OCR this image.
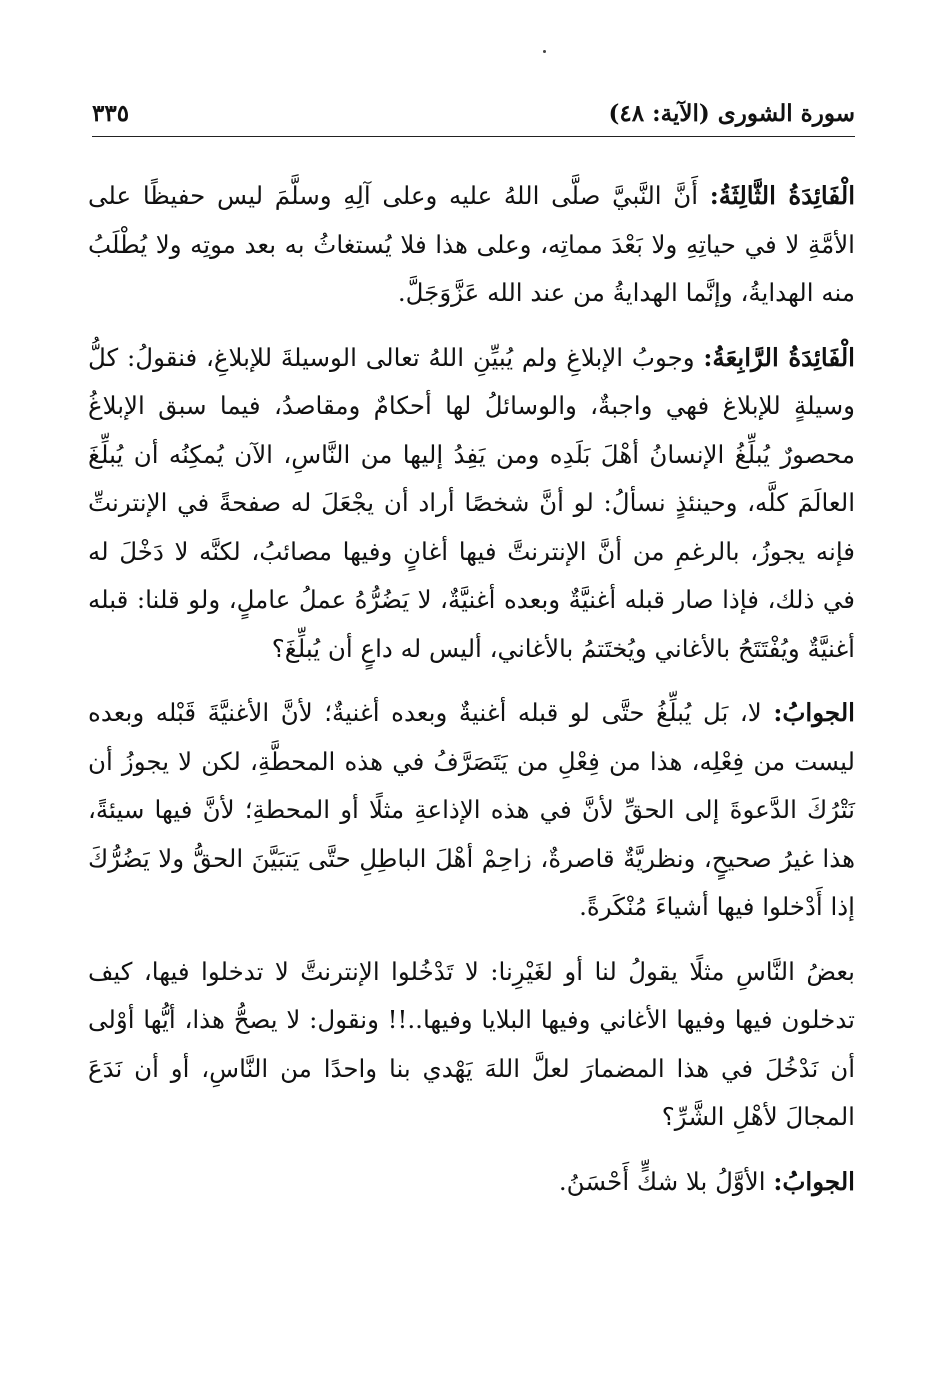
سورة الشورى (الآية: ٤٨)
٣٣٥

الْفَائِدَةُ الثَّالِثَةُ: أَنَّ النَّبيَّ صلَّى اللهُ عليه وعلى آلِهِ وسلَّمَ ليس حفيظًا على الأمَّةِ لا في حياتِهِ ولا بَعْدَ مماتِه، وعلى هذا فلا يُستغاثُ به بعد موتِه ولا يُطْلَبُ منه الهدايةُ، وإنَّما الهدايةُ من عند الله عَزَّوَجَلَّ.

الْفَائِدَةُ الرَّابِعَةُ: وجوبُ الإبلاغِ ولم يُبيِّنِ اللهُ تعالى الوسيلةَ للإبلاغِ، فنقولُ: كلُّ وسيلةٍ للإبلاغ فهي واجبةٌ، والوسائلُ لها أحكامٌ ومقاصدُ، فيما سبق الإبلاغُ محصورٌ يُبلِّغُ الإنسانُ أهْلَ بَلَدِه ومن يَفِدُ إليها من النَّاسِ، الآن يُمكِنُه أن يُبلِّغَ العالَمَ كلَّه، وحينئذٍ نسألُ: لو أنَّ شخصًا أراد أن يجْعَلَ له صفحةً في الإنترنتِّ فإنه يجوزُ، بالرغمِ من أنَّ الإنترنتَّ فيها أغانٍ وفيها مصائبُ، لكنَّه لا دَخْلَ له في ذلك، فإذا صار قبله أغنيَّةٌ وبعده أغنيَّةٌ، لا يَضُرُّهُ عملُ عاملٍ، ولو قلنا: قبله أغنيَّةٌ ويُفْتَتَحُ بالأغاني ويُختَتمُ بالأغاني، أليس له داعٍ أن يُبلِّغَ؟

الجوابُ: لا، بَل يُبلِّغُ حتَّى لو قبله أغنيةٌ وبعده أغنيةٌ؛ لأنَّ الأغنيَّةَ قَبْله وبعده ليست من فِعْلِه، هذا من فِعْلِ من يَتَصَرَّفُ في هذه المحطَّةِ، لكن لا يجوزُ أن نَتْرُكَ الدَّعوةَ إلى الحقِّ لأنَّ في هذه الإذاعةِ مثلًا أو المحطةِ؛ لأنَّ فيها سيئةً، هذا غيرُ صحيحٍ، ونظريَّةٌ قاصرةٌ، زاحِمْ أهْلَ الباطِلِ حتَّى يَتبَيَّنَ الحقُّ ولا يَضُرُّكَ إذا أَدْخلوا فيها أشياءَ مُنْكَرةً.

بعضُ النَّاسِ مثلًا يقولُ لنا أو لغَيْرِنا: لا تَدْخُلوا الإنترنتَّ لا تدخلوا فيها، كيف تدخلون فيها وفيها الأغاني وفيها البلايا وفيها..!! ونقول: لا يصحُّ هذا، أيُّها أوْلى أن نَدْخُلَ في هذا المضمارَ لعلَّ اللهَ يَهْدي بنا واحدًا من النَّاسِ، أو أن نَدَعَ المجالَ لأهْلِ الشَّرِّ؟

الجوابُ: الأوَّلُ بلا شكٍّ أَحْسَنُ.
